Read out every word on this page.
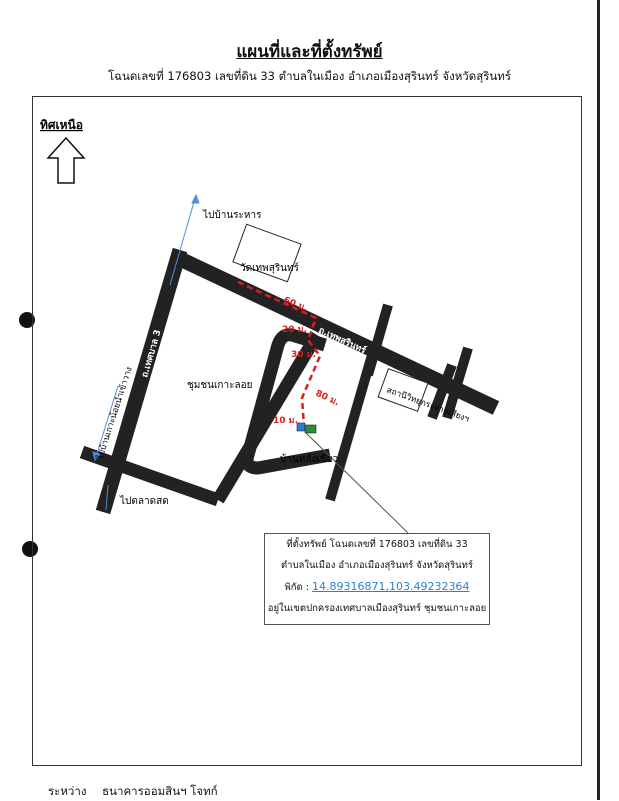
แผนที่และที่ตั้งทรัพย์
โฉนดเลขที่ 176803 เลขที่ดิน 33 ตำบลในเมือง อำเภอเมืองสุรินทร์ จังหวัดสุรินทร์
ทิศเหนือ
ไปบ้านระหาร
ไปตลาดสด
ไปบ้านเกาะน้อยนำเข้าวาง
ถ.เทศบาล 3	ถ.เทพสุรินทร์
วัดเทพสุรินทร์
ชุมชนเกาะลอย	สถานีวิทยุกระจายเสียงฯ
บ้านหลังเขียว
60 ม.
20 ม.
30 ม.
80 ม.
10 ม.
ที่ตั้งทรัพย์ โฉนดเลขที่ 176803 เลขที่ดิน 33
ตำบลในเมือง อำเภอเมืองสุรินทร์ จังหวัดสุรินทร์
พิกัด : 14.89316871,103.49232364
อยู่ในเขตปกครองเทศบาลเมืองสุรินทร์ ชุมชนเกาะลอย
ระหว่าง ธนาคารออมสินฯ โจทก์
